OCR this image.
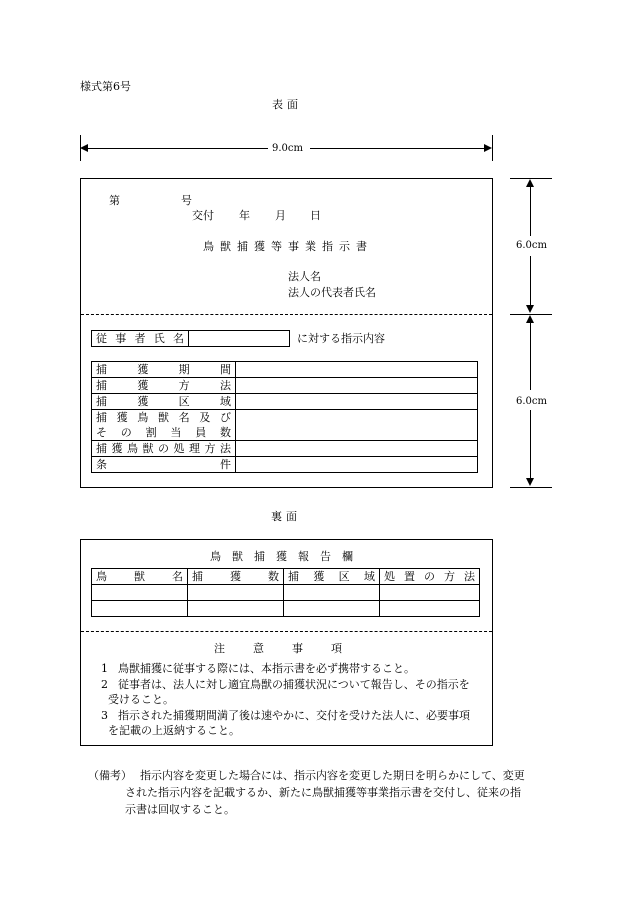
様式第6号
表面
9.0cm
6.0cm
6.0cm
第	号
交付 年 月 日
鳥獣捕獲等事業指示書
法人名
法人の代表者氏名
従事者氏名
		に対する指示内容
捕獲期間	

捕獲方法	

捕獲区域	

捕獲鳥獣名及び
その割当員数	

捕獲鳥獣の処理方法	

条件	

裏面
鳥獣捕獲報告欄
鳥獣名	捕獲数	捕獲区域	処置の方法

注意事項
1 鳥獣捕獲に従事する際には、本指示書を必ず携帯すること。
2 従事者は、法人に対し適宜鳥獣の捕獲状況について報告し、その指示を
受けること。
3 指示された捕獲期間満了後は速やかに、交付を受けた法人に、必要事項
を記載の上返納すること。
（備考） 指示内容を変更した場合には、指示内容を変更した期日を明らかにして、変更
された指示内容を記載するか、新たに鳥獣捕獲等事業指示書を交付し、従来の指
示書は回収すること。
